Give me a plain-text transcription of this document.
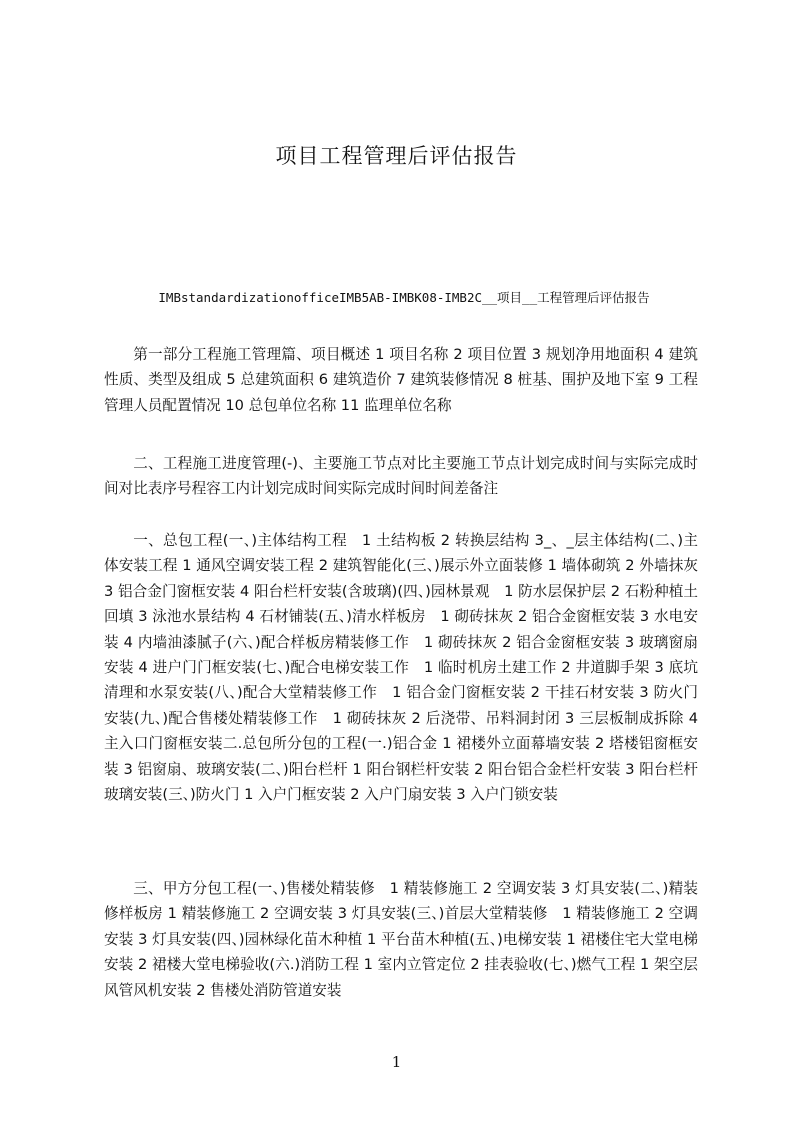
项目工程管理后评估报告
IMBstandardizationofficeIMB5AB-IMBK08-IMB2C__项目__工程管理后评估报告

第一部分工程施工管理篇、项目概述 1 项目名称 2 项目位置 3 规划净用地面积 4 建筑性质、类型及组成 5 总建筑面积 6 建筑造价 7 建筑装修情况 8 桩基、围护及地下室 9 工程管理人员配置情况 10 总包单位名称 11 监理单位名称

二、工程施工进度管理(-)、主要施工节点对比主要施工节点计划完成时间与实际完成时间对比表序号程容工内计划完成时间实际完成时间时间差备注

一、总包工程(一、)主体结构工程　1 土结构板 2 转换层结构 3_、_层主体结构(二、)主体安装工程 1 通风空调安装工程 2 建筑智能化(三、)展示外立面装修 1 墙体砌筑 2 外墙抹灰 3 铝合金门窗框安装 4 阳台栏杆安装(含玻璃)(四、)园林景观　1 防水层保护层 2 石粉种植土回填 3 泳池水景结构 4 石材铺装(五、)清水样板房　1 砌砖抹灰 2 铝合金窗框安装 3 水电安装 4 内墙油漆腻子(六、)配合样板房精装修工作　1 砌砖抹灰 2 铝合金窗框安装 3 玻璃窗扇安装 4 进户门门框安装(七、)配合电梯安装工作　1 临时机房土建工作 2 井道脚手架 3 底坑清理和水泵安装(八、)配合大堂精装修工作　1 铝合金门窗框安装 2 干挂石材安装 3 防火门安装(九、)配合售楼处精装修工作　1 砌砖抹灰 2 后浇带、吊料洞封闭 3 三层板制成拆除 4 主入口门窗框安装二.总包所分包的工程(一.)铝合金 1 裙楼外立面幕墙安装 2 塔楼铝窗框安装 3 铝窗扇、玻璃安装(二、)阳台栏杆 1 阳台钢栏杆安装 2 阳台铝合金栏杆安装 3 阳台栏杆玻璃安装(三、)防火门 1 入户门框安装 2 入户门扇安装 3 入户门锁安装

三、甲方分包工程(一、)售楼处精装修　1 精装修施工 2 空调安装 3 灯具安装(二、)精装修样板房 1 精装修施工 2 空调安装 3 灯具安装(三、)首层大堂精装修　1 精装修施工 2 空调安装 3 灯具安装(四、)园林绿化苗木种植 1 平台苗木种植(五、)电梯安装 1 裙楼住宅大堂电梯安装 2 裙楼大堂电梯验收(六.)消防工程 1 室内立管定位 2 挂表验收(七、)燃气工程 1 架空层风管风机安装 2 售楼处消防管道安装

1
